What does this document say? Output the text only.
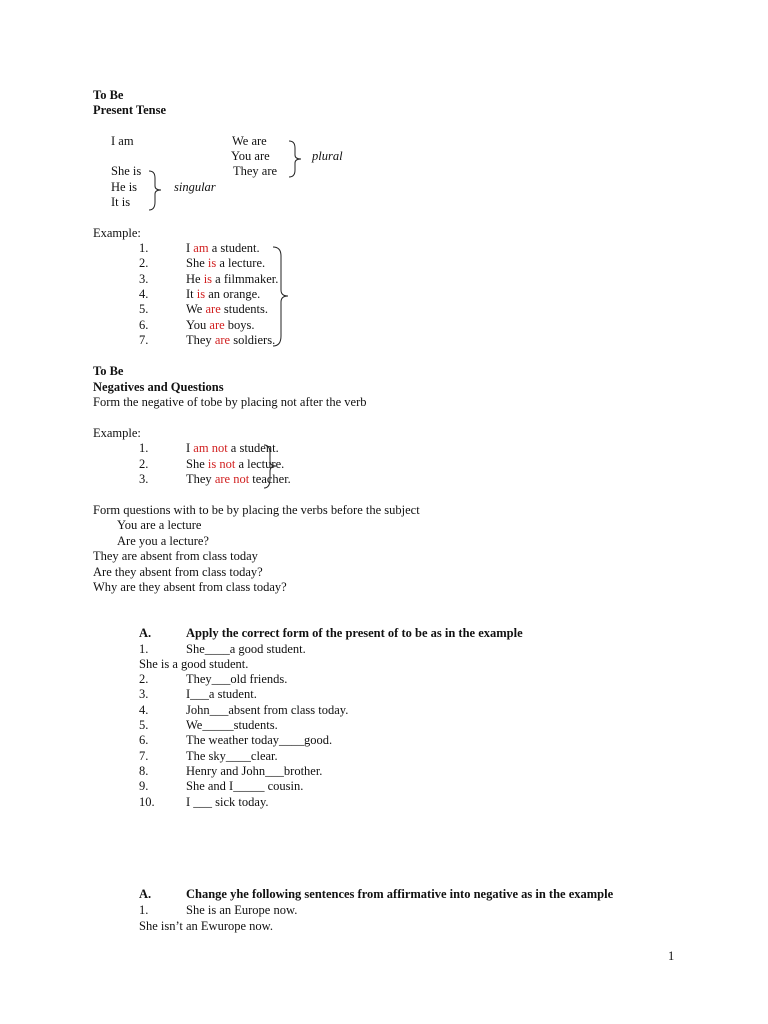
To Be
Present Tense
I am	We are
You are
She is	They are
He is
It is
plural
singular
Example:
1.	I am a student.
2.	She is a lecture.
3.	He is a filmmaker.
4.	It is an orange.
5.	We are students.
6.	You are boys.
7.	They are soldiers.
To Be
Negatives and Questions
Form the negative of tobe by placing not after the verb
Example:
1.	I am not a student.
2.	She is not a lecture.
3.	They are not teacher.
Form questions with to be by placing the verbs before the subject
You are a lecture
Are you a lecture?
They are absent from class today
Are they absent from class today?
Why are they absent from class today?
A.	Apply the correct form of the present of to be as in the example
1.	She____a good student.
She is a good student.
2.	They___old friends.
3.	I___a student.
4.	John___absent from class today.
5.	We_____students.
6.	The weather today____good.
7.	The sky____clear.
8.	Henry and John___brother.
9.	She and I_____ cousin.
10.	I ___ sick today.
A.	Change yhe following sentences from affirmative into negative as in the example
1.	She is an Europe now.
She isn’t an Ewurope now.
1
